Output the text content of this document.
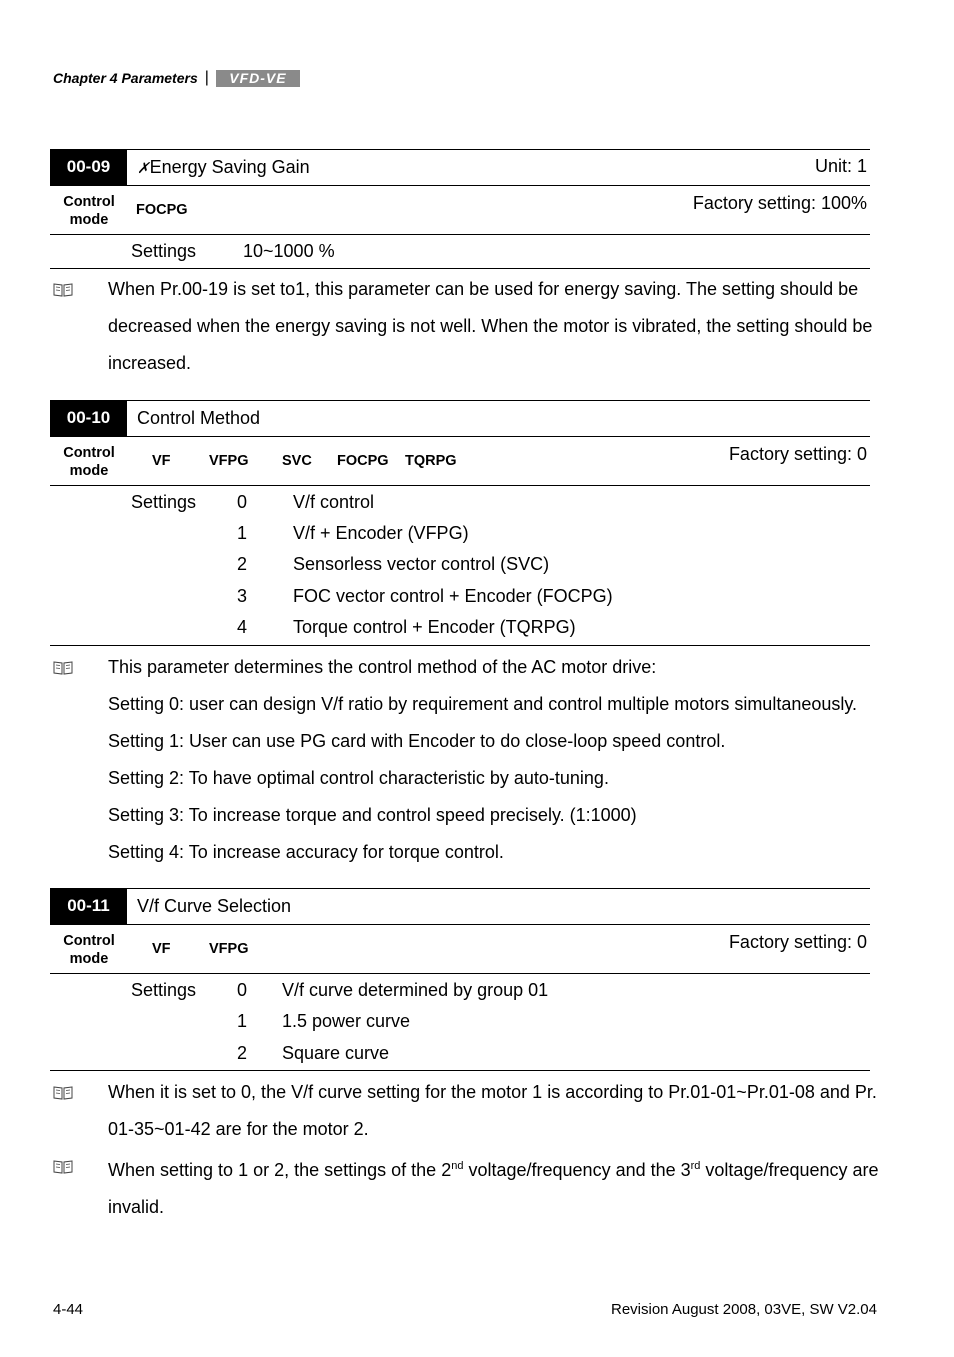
Chapter 4 Parameters |	VFD-VE
00-09	✗Energy Saving Gain	Unit: 1
Control
mode
FOCPG	Factory setting: 100%
Settings	10~1000 %
When Pr.00-19 is set to1, this parameter can be used for energy saving. The setting should be decreased when the energy saving is not well. When the motor is vibrated, the setting should be increased.
00-10	Control Method
Control
mode
VF	VFPG SVC FOCPG TQRPG	Factory setting: 0
Settings 0	V/f control
1	V/f + Encoder (VFPG)
2	Sensorless vector control (SVC)
3	FOC vector control + Encoder (FOCPG)
4	Torque control + Encoder (TQRPG)
This parameter determines the control method of the AC motor drive:
Setting 0: user can design V/f ratio by requirement and control multiple motors simultaneously.
Setting 1: User can use PG card with Encoder to do close-loop speed control.
Setting 2: To have optimal control characteristic by auto-tuning.
Setting 3: To increase torque and control speed precisely. (1:1000)
Setting 4: To increase accuracy for torque control.
00-11	V/f Curve Selection
Control
mode
VF	VFPG	Factory setting: 0
Settings 0 V/f curve determined by group 01
1 1.5 power curve
2 Square curve
When it is set to 0, the V/f curve setting for the motor 1 is according to Pr.01-01~Pr.01-08 and Pr. 01-35~01-42 are for the motor 2.
When setting to 1 or 2, the settings of the 2nd voltage/frequency and the 3rd voltage/frequency are invalid.
4-44	Revision August 2008, 03VE, SW V2.04
